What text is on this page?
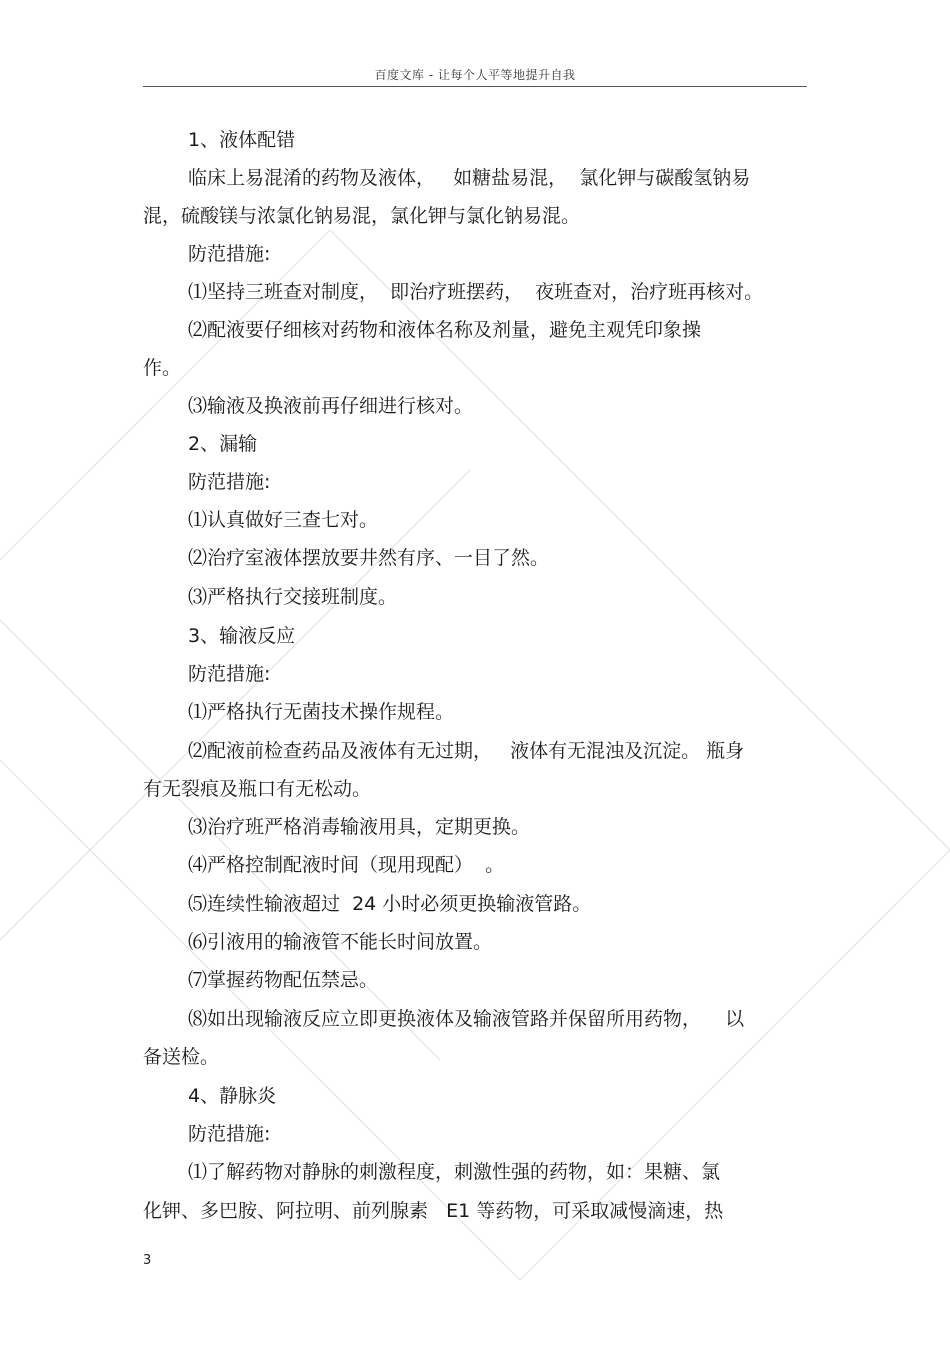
百度文库 - 让每个人平等地提升自我
1、液体配错
临床上易混淆的药物及液体，   如糖盐易混，  氯化钾与碳酸氢钠易
混，硫酸镁与浓氯化钠易混，氯化钾与氯化钠易混。
防范措施:
⑴坚持三班查对制度，  即治疗班摆药，  夜班查对，治疗班再核对。
⑵配液要仔细核对药物和液体名称及剂量，避免主观凭印象操
作。
⑶输液及换液前再仔细进行核对。
2、漏输
防范措施:
⑴认真做好三查七对。
⑵治疗室液体摆放要井然有序、一目了然。
⑶严格执行交接班制度。
3、输液反应
防范措施:
⑴严格执行无菌技术操作规程。
⑵配液前检查药品及液体有无过期，   液体有无混浊及沉淀。 瓶身
有无裂痕及瓶口有无松动。
⑶治疗班严格消毒输液用具，定期更换。
⑷严格控制配液时间（现用现配）  。
⑸连续性输液超过  24 小时必须更换输液管路。
⑹引液用的输液管不能长时间放置。
⑺掌握药物配伍禁忌。
⑻如出现输液反应立即更换液体及输液管路并保留所用药物，    以
备送检。
4、静脉炎
防范措施:
⑴了解药物对静脉的刺激程度，刺激性强的药物，如：果糖、氯
化钾、多巴胺、阿拉明、前列腺素   E1 等药物，可采取减慢滴速，热
3
